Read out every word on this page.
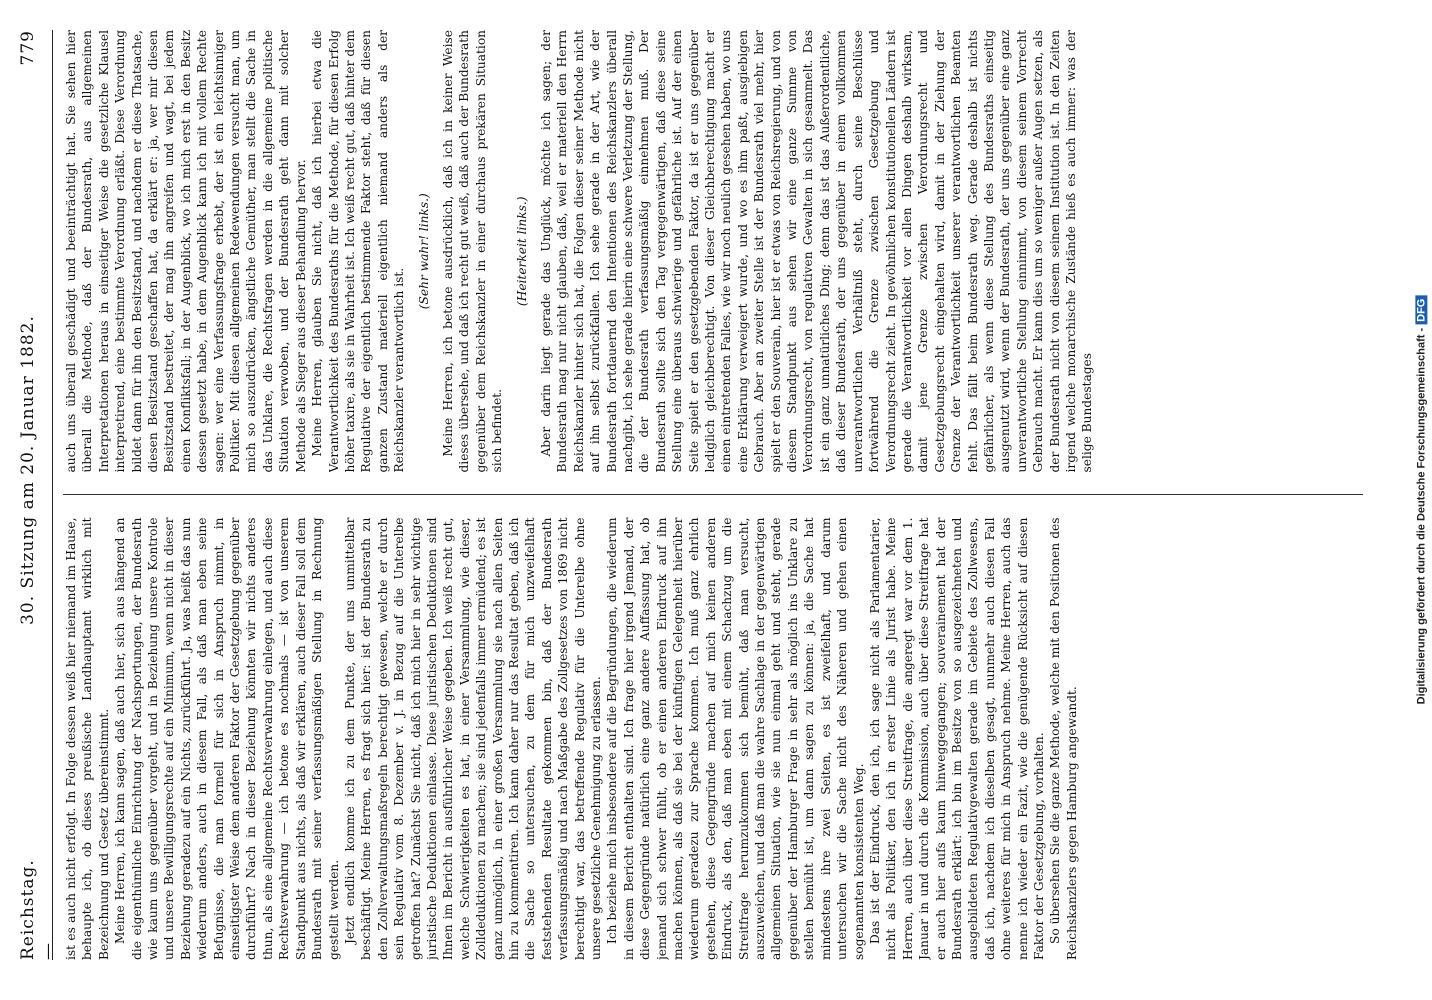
Reichstag. —
30. Sitzung am 20. Januar 1882.
779

ist es auch nicht erfolgt. In Folge dessen weiß hier niemand im Hause, behaupte ich, ob dieses preußische Landhauptamt wirklich mit Bezeichnung und Gesetz übereinstimmt. Meine Herren, ich kann sagen, daß auch hier, sich aus hängend an die eigenthümliche Einrichtung der Nachsportungen, der Bundesrath wie kaum uns gegenüber vorgeht, und in Beziehung unsere Kontrole und unsere Bewilligungsrechte auf ein Minimum, wenn nicht in dieser Beziehung geradezu auf ein Nichts, zurückführt. Ja, was heißt das nun wiederum anders, auch in diesem Fall, als daß man eben seine Befugnisse, die man formell für sich in Anspruch nimmt, in einseitigster Weise dem anderen Faktor der Gesetzgebung gegenüber durchführt? Nach in dieser Beziehung könnten wir nichts anderes thun, als eine allgemeine Rechtsverwahrung einlegen, und auch diese Rechtsverwahrung — ich betone es nochmals — ist von unserem Standpunkt aus nichts, als daß wir erklären, auch dieser Fall soll dem Bundesrath mit seiner verfassungsmäßigen Stellung in Rechnung gestellt werden. Jetzt endlich komme ich zu dem Punkte, der uns unmittelbar beschäftigt. Meine Herren, es fragt sich hier: ist der Bundesrath zu den Zollverwaltungsmaßregeln berechtigt gewesen, welche er durch sein Regulativ vom 8. Dezember v. J. in Bezug auf die Unterelbe getroffen hat? Zunächst Sie nicht, daß ich mich hier in sehr wichtige juristische Deduktionen einlasse. Diese juristischen Deduktionen sind Ihnen im Bericht in ausführlicher Weise gegeben. Ich weiß recht gut, welche Schwierigkeiten es hat, in einer Versammlung, wie dieser, Zolldeduktionen zu machen; sie sind jedenfalls immer ermüdend; es ist ganz unmöglich, in einer großen Versammlung sie nach allen Seiten hin zu kommentiren. Ich kann daher nur das Resultat geben, daß ich die Sache so untersuchen, zu dem für mich unzweifelhaft feststehenden Resultate gekommen bin, daß der Bundesrath verfassungsmäßig und nach Maßgabe des Zollgesetzes von 1869 nicht berechtigt war, das betreffende Regulativ für die Unterelbe ohne unsere gesetzliche Genehmigung zu erlassen. Ich beziehe mich insbesondere auf die Begründungen, die wiederum in diesem Bericht enthalten sind. Ich frage hier irgend Jemand, der diese Gegengründe natürlich eine ganz andere Auffassung hat, ob jemand sich schwer fühlt, ob er einen anderen Eindruck auf ihn machen können, als daß sie bei der künftigen Gelegenheit hierüber wiederum geradezu zur Sprache kommen. Ich muß ganz ehrlich gestehen, diese Gegengründe machen auf mich keinen anderen Eindruck, als den, daß man eben mit einem Schachzug um die Streitfrage herumzukommen sich bemüht, daß man versucht, auszuweichen, und daß man die wahre Sachlage in der gegenwärtigen allgemeinen Situation, wie sie nun einmal geht und steht, gerade gegenüber der Hamburger Frage in sehr als möglich ins Unklare zu stellen bemüht ist, um dann sagen zu können: ja, die Sache hat mindestens ihre zwei Seiten, es ist zweifelhaft, und darum untersuchen wir die Sache nicht des Näheren und gehen einen sogenannten konsistenten Weg. Das ist der Eindruck, den ich, ich sage nicht als Parlamentarier, nicht als Politiker, den ich in erster Linie als Jurist habe. Meine Herren, auch über diese Streitfrage, die angeregt war vor dem 1. Januar in und durch die Kommission, auch über diese Streitfrage hat er auch hier aufs kaum hinweggegangen; souverainement hat der Bundesrath erklärt: ich bin im Besitze von so ausgezeichneten und ausgebildeten Regulativgewalten gerade im Gebiete des Zollwesens, daß ich, nachdem ich dieselben gesagt, nunmehr auch diesen Fall ohne weiteres für mich in Anspruch nehme. Meine Herren, auch das nenne ich wieder ein Fazit, wie die genügende Rücksicht auf diesen Faktor der Gesetzgebung, vorhalten. So übersehen Sie die ganze Methode, welche mit den Positionen des Reichskanzlers gegen Hamburg angewandt.

auch uns überall geschädigt und beeinträchtigt hat. Sie sehen hier überall die Methode, daß der Bundesrath, aus allgemeinen Interpretationen heraus in einseitiger Weise die gesetzliche Klausel interpretirend, eine bestimmte Verordnung erläßt. Diese Verordnung bildet dann für ihn den Besitzstand, und nachdem er diese Thatsache, diesen Besitzstand geschaffen hat, da erklärt er: ja, wer mir diesen Besitzstand bestreitet, der mag ihn angreifen und wagt, bei jedem einen Konfliktsfall; in der Augenblick, wo ich mich erst in den Besitz dessen gesetzt habe, in dem Augenblick kann ich mit vollem Rechte sagen: wer eine Verfassungsfrage erhebt, der ist ein leichtsinniger Politiker. Mit diesen allgemeinen Redewendungen versucht man, um mich so auszudrücken, ängstliche Gemüther, man stellt die Sache in das Unklare, die Rechtsfragen werden in die allgemeine politische Situation verwoben, und der Bundesrath geht dann mit solcher Methode als Sieger aus dieser Behandlung hervor. Meine Herren, glauben Sie nicht, daß ich hierbei etwa die Verantwortlichkeit des Bundesraths für die Methode, für diesen Erfolg höher taxire, als sie in Wahrheit ist. Ich weiß recht gut, daß hinter dem Regulative der eigentlich bestimmende Faktor steht, daß für diesen ganzen Zustand materiell eigentlich niemand anders als der Reichskanzler verantwortlich ist.

(Sehr wahr! links.) Meine Herren, ich betone ausdrücklich, daß ich in keiner Weise dieses übersehe, und daß ich recht gut weiß, daß auch der Bundesrath gegenüber dem Reichskanzler in einer durchaus prekären Situation sich befindet.

(Heiterkeit links.) Aber darin liegt gerade das Unglück, möchte ich sagen; der Bundesrath mag nur nicht glauben, daß, weil er materiell den Herrn Reichskanzler hinter sich hat, die Folgen dieser seiner Methode nicht auf ihn selbst zurückfallen. Ich sehe gerade in der Art, wie der Bundesrath fortdauernd den Intentionen des Reichskanzlers überall nachgibt, ich sehe gerade hierin eine schwere Verletzung der Stellung, die der Bundesrath verfassungsmäßig einnehmen muß. Der Bundesrath sollte sich den Tag vergegenwärtigen, daß diese seine Stellung eine überaus schwierige und gefährliche ist. Auf der einen Seite spielt er den gesetzgebenden Faktor, da ist er uns gegenüber lediglich gleichberechtigt. Von dieser Gleichberechtigung macht er einen eintretenden Falles, wie wir noch neulich gesehen haben, wo uns eine Erklärung verweigert wurde, und wo es ihm paßt, ausgiebigen Gebrauch. Aber an zweiter Stelle ist der Bundesrath viel mehr, hier spielt er den Souverain, hier ist er etwas von Reichsregierung, und von diesem Standpunkt aus sehen wir eine ganze Summe von Verordnungsrecht, von regulativen Gewalten in sich gesammelt. Das ist ein ganz unnatürliches Ding; denn das ist das Außerordentliche, daß dieser Bundesrath, der uns gegenüber in einem vollkommen unverantwortlichen Verhältniß steht, durch seine Beschlüsse fortwährend die Grenze zwischen Gesetzgebung und Verordnungsrecht zieht. In gewöhnlichen konstitutionellen Ländern ist gerade die Verantwortlichkeit vor allen Dingen deshalb wirksam, damit jene Grenze zwischen Verordnungsrecht und Gesetzgebungsrecht eingehalten wird, damit in der Ziehung der Grenze der Verantwortlichkeit unserer verantwortlichen Beamten fehlt. Das fällt beim Bundesrath weg. Gerade deshalb ist nichts gefährlicher, als wenn diese Stellung des Bundesraths einseitig ausgenutzt wird, wenn der Bundesrath, der uns gegenüber eine ganz unverantwortliche Stellung einnimmt, von diesem seinem Vorrecht Gebrauch macht. Er kann dies um so weniger außer Augen setzen, als der Bundesrath nicht von diesem seinem Institution ist. In den Zeiten irgend welche monarchische Zustände hieß es auch immer: was der selige Bundestages	Digitalisierung gefördert durch die Deutsche Forschungsgemeinschaft -DFG
